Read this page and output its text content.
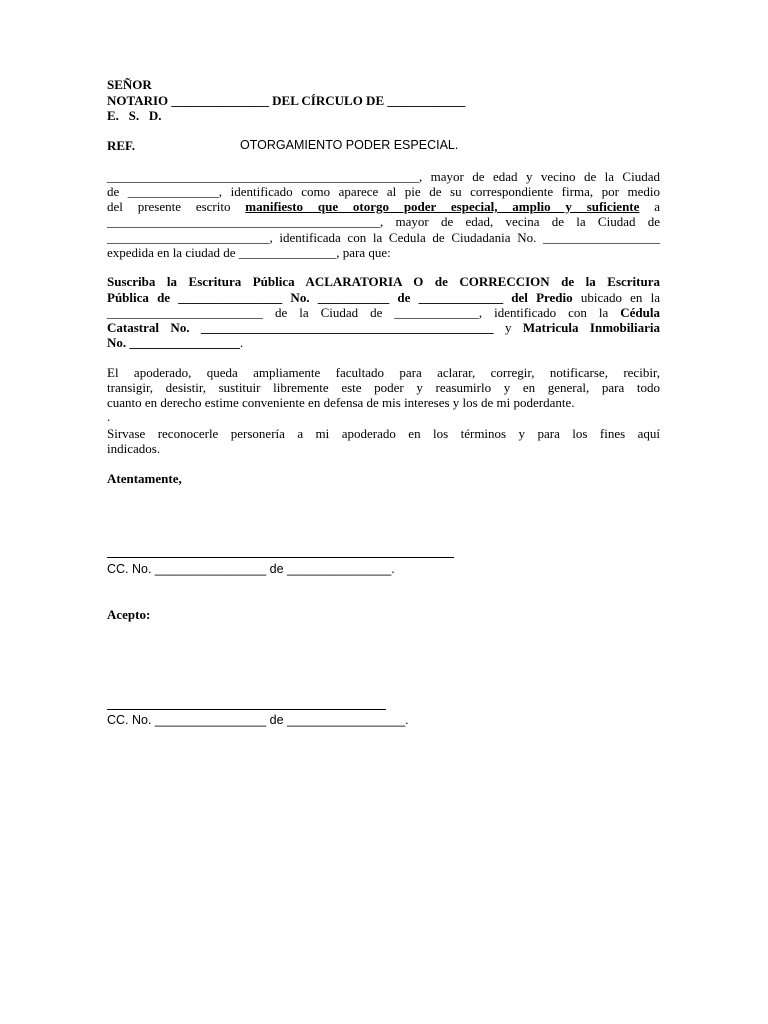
SEÑOR
NOTARIO _______________ DEL CÍRCULO DE ____________
E.   S.   D.
REF.	OTORGAMIENTO PODER ESPECIAL.
________________________________________________, mayor de edad y vecino de la Ciudad
de ______________, identificado como aparece al pie de su correspondiente firma, por medio
del presente escrito manifiesto que otorgo poder especial, amplio y suficiente a
__________________________________________, mayor de edad, vecina de la Ciudad de
_________________________, identificada con la Cedula de Ciudadania No. __________________
expedida en la ciudad de _______________, para que:
Suscriba la Escritura Pública ACLARATORIA O de CORRECCION de la Escritura
Pública de ________________ No. ___________ de _____________ del Predio ubicado en la
________________________ de la Ciudad de _____________, identificado con la Cédula
Catastral No. _____________________________________________ y Matricula Inmobiliaria
No. _________________.
El apoderado, queda ampliamente facultado para aclarar, corregir, notificarse, recibir,
transigir, desistir, sustituir libremente este poder y reasumirlo y en general, para todo
cuanto en derecho estime conveniente en defensa de mis intereses y los de mi poderdante.
.
Sirvase reconocerle personería a mi apoderado en los términos y para los fines aquí
indicados.
Atentamente,
CC. No. ________________ de _______________.
Acepto:
CC. No. ________________ de _________________.
